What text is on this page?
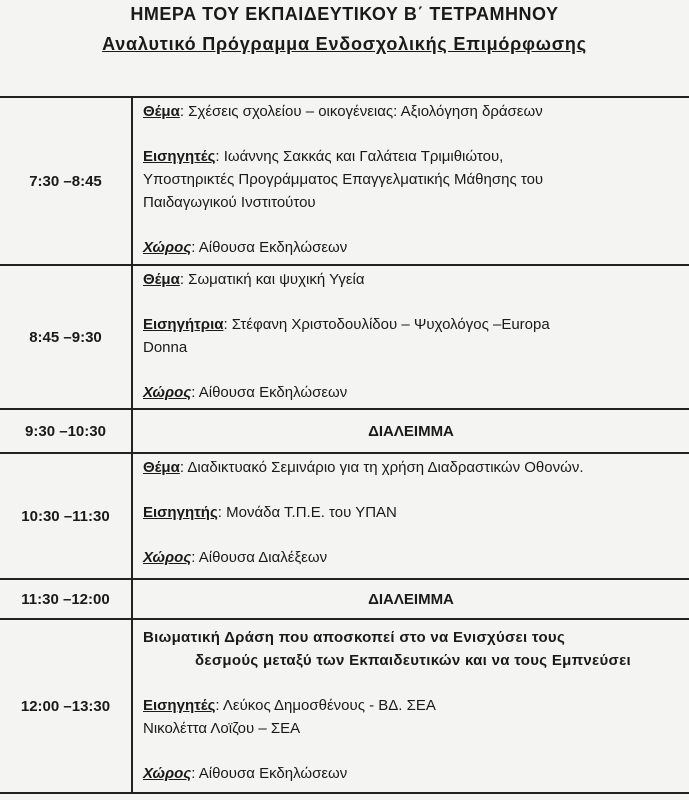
ΗΜΕΡΑ ΤΟΥ ΕΚΠΑΙΔΕΥΤΙΚΟΥ Β΄ ΤΕΤΡΑΜΗΝΟΥ
Αναλυτικό Πρόγραμμα Ενδοσχολικής Επιμόρφωσης
7:30 –8:45

Θέμα: Σχέσεις σχολείου – οικογένειας: Αξιολόγηση δράσεων

Εισηγητές: Ιωάννης Σακκάς και Γαλάτεια Τριμιθιώτου,

Υποστηρικτές Προγράμματος Επαγγελματικής Μάθησης του

Παιδαγωγικού Ινστιτούτου

Χώρος: Αίθουσα Εκδηλώσεων

8:45 –9:30

Θέμα: Σωματική και ψυχική Υγεία

Εισηγήτρια: Στέφανη Χριστοδουλίδου – Ψυχολόγος –Europa

Donna

Χώρος: Αίθουσα Εκδηλώσεων

9:30 –10:30	ΔΙΑΛΕΙΜΜΑ
10:30 –11:30

Θέμα: Διαδικτυακό Σεμινάριο για τη χρήση Διαδραστικών Οθονών.

Εισηγητής: Μονάδα Τ.Π.Ε. του ΥΠΑΝ

Χώρος: Αίθουσα Διαλέξεων

11:30 –12:00	ΔΙΑΛΕΙΜΜΑ
12:00 –13:30

Βιωματική Δράση που αποσκοπεί στο να Ενισχύσει τους

δεσμούς μεταξύ των Εκπαιδευτικών και να τους Εμπνεύσει

Εισηγητές: Λεύκος Δημοσθένους - ΒΔ. ΣΕΑ

Νικολέττα Λοϊζου – ΣΕΑ

Χώρος: Αίθουσα Εκδηλώσεων
